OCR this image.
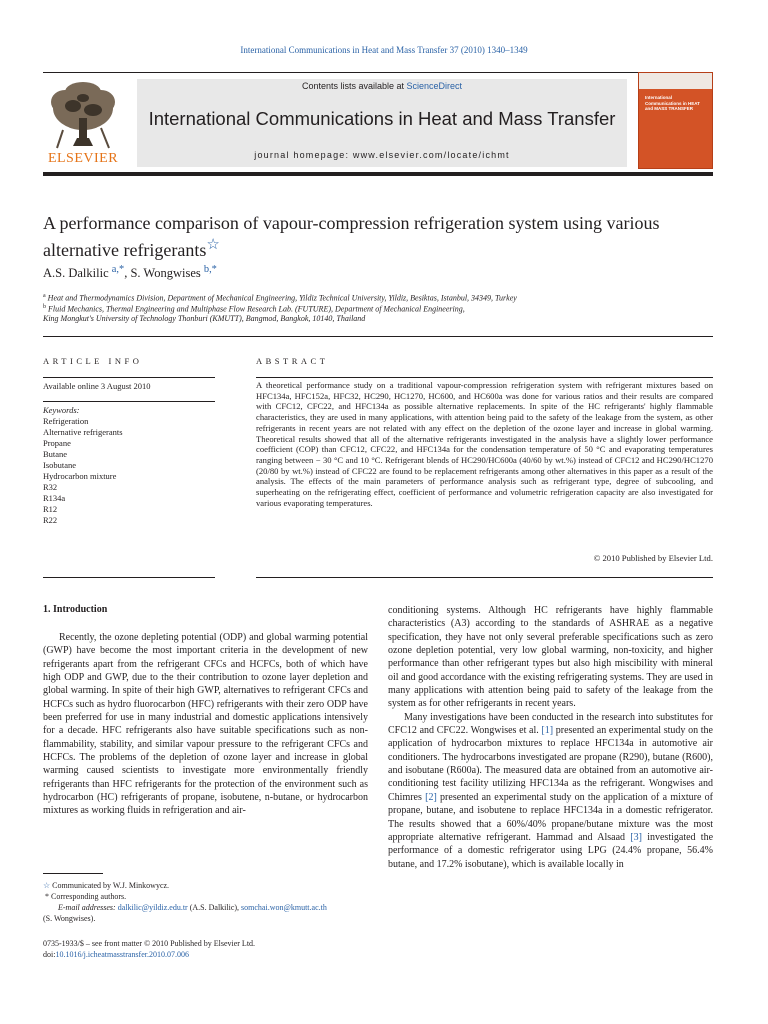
International Communications in Heat and Mass Transfer 37 (2010) 1340–1349
ELSEVIER
Contents lists available at ScienceDirect
International Communications in Heat and Mass Transfer
journal homepage: www.elsevier.com/locate/ichmt
International Communications in HEAT and MASS TRANSFER
A performance comparison of vapour-compression refrigeration system using various alternative refrigerants☆
A.S. Dalkilic $^{a,*}$, S. Wongwises $^{b,*}$
$^a$ Heat and Thermodynamics Division, Department of Mechanical Engineering, Yildiz Technical University, Yildiz, Besiktas, Istanbul, 34349, Turkey
$^b$ Fluid Mechanics, Thermal Engineering and Multiphase Flow Research Lab. (FUTURE), Department of Mechanical Engineering,
King Mongkut's University of Technology Thonburi (KMUTT), Bangmod, Bangkok, 10140, Thailand
ARTICLE INFO
Available online 3 August 2010
Keywords:
Refrigeration
Alternative refrigerants
Propane
Butane
Isobutane
Hydrocarbon mixture
R32
R134a
R12
R22
ABSTRACT
A theoretical performance study on a traditional vapour-compression refrigeration system with refrigerant mixtures based on HFC134a, HFC152a, HFC32, HC290, HC1270, HC600, and HC600a was done for various ratios and their results are compared with CFC12, CFC22, and HFC134a as possible alternative replacements. In spite of the HC refrigerants' highly flammable characteristics, they are used in many applications, with attention being paid to the safety of the leakage from the system, as other refrigerants in recent years are not related with any effect on the depletion of the ozone layer and increase in global warming. Theoretical results showed that all of the alternative refrigerants investigated in the analysis have a slightly lower performance coefficient (COP) than CFC12, CFC22, and HFC134a for the condensation temperature of 50 °C and evaporating temperatures ranging between − 30 °C and 10 °C. Refrigerant blends of HC290/HC600a (40/60 by wt.%) instead of CFC12 and HC290/HC1270 (20/80 by wt.%) instead of CFC22 are found to be replacement refrigerants among other alternatives in this paper as a result of the analysis. The effects of the main parameters of performance analysis such as refrigerant type, degree of subcooling, and superheating on the refrigerating effect, coefficient of performance and volumetric refrigeration capacity are also investigated for various evaporating temperatures.
© 2010 Published by Elsevier Ltd.
1. Introduction

Recently, the ozone depleting potential (ODP) and global warming potential (GWP) have become the most important criteria in the development of new refrigerants apart from the refrigerant CFCs and HCFCs, both of which have high ODP and GWP, due to the their contribution to ozone layer depletion and global warming. In spite of their high GWP, alternatives to refrigerant CFCs and HCFCs such as hydro fluorocarbon (HFC) refrigerants with their zero ODP have been preferred for use in many industrial and domestic applications intensively for a decade. HFC refrigerants also have suitable specifications such as non-flammability, stability, and similar vapour pressure to the refrigerant CFCs and HCFCs. The problems of the depletion of ozone layer and increase in global warming caused scientists to investigate more environmentally friendly refrigerants than HFC refrigerants for the protection of the environment such as hydrocarbon (HC) refrigerants of propane, isobutene, n-butane, or hydrocarbon mixtures as working fluids in refrigeration and air-

conditioning systems. Although HC refrigerants have highly flammable characteristics (A3) according to the standards of ASHRAE as a negative specification, they have not only several preferable specifications such as zero ozone depletion potential, very low global warming, non-toxicity, and higher performance than other refrigerant types but also high miscibility with mineral oil and good accordance with the existing refrigerating systems. They are used in many applications with attention being paid to safety of the leakage from the system as for other refrigerants in recent years.

Many investigations have been conducted in the research into substitutes for CFC12 and CFC22. Wongwises et al. [1] presented an experimental study on the application of hydrocarbon mixtures to replace HFC134a in automotive air conditioners. The hydrocarbons investigated are propane (R290), butane (R600), and isobutane (R600a). The measured data are obtained from an automotive air-conditioning test facility utilizing HFC134a as the refrigerant. Wongwises and Chimres [2] presented an experimental study on the application of a mixture of propane, butane, and isobutene to replace HFC134a in a domestic refrigerator. The results showed that a 60%/40% propane/butane mixture was the most appropriate alternative refrigerant. Hammad and Alsaad [3] investigated the performance of a domestic refrigerator using LPG (24.4% propane, 56.4% butane, and 17.2% isobutane), which is available locally in

☆ Communicated by W.J. Minkowycz.
* Corresponding authors.
E-mail addresses: dalkilic@yildiz.edu.tr (A.S. Dalkilic), somchai.won@kmutt.ac.th
(S. Wongwises).
0735-1933/$ – see front matter © 2010 Published by Elsevier Ltd.
doi:10.1016/j.icheatmasstransfer.2010.07.006
